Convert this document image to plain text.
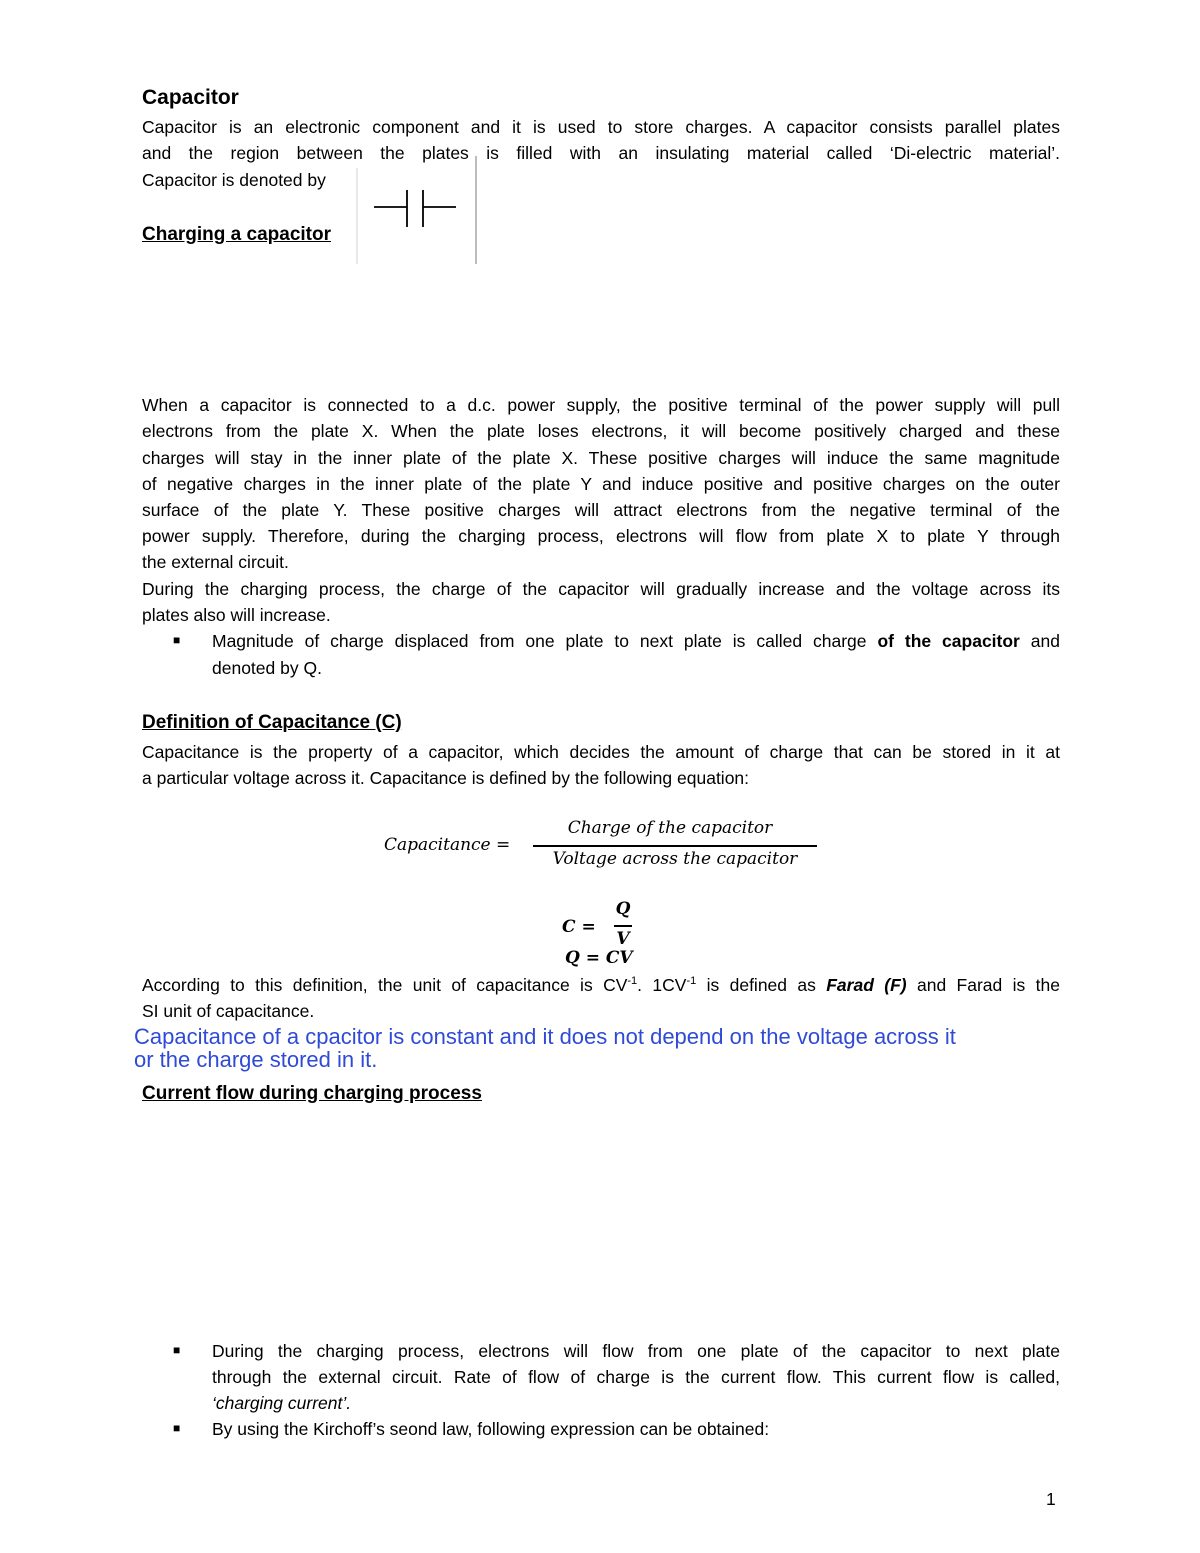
Capacitor
Capacitor is an electronic component and it is used to store charges. A capacitor consists parallel plates
and the region between the plates is filled with an insulating material called ‘Di-electric material’.
Capacitor is denoted by
Charging a capacitor
When a capacitor is connected to a d.c. power supply, the positive terminal of the power supply will pull
electrons from the plate X. When the plate loses electrons, it will become positively charged and these
charges will stay in the inner plate of the plate X. These positive charges will induce the same magnitude
of negative charges in the inner plate of the plate Y and induce positive and positive charges on the outer
surface of the plate Y. These positive charges will attract electrons from the negative terminal of the
power supply. Therefore, during the charging process, electrons will flow from plate X to plate Y through
the external circuit.
During the charging process, the charge of the capacitor will gradually increase and the voltage across its
plates also will increase.
■ Magnitude of charge displaced from one plate to next plate is called charge of the capacitor and
denoted by Q.
Definition of Capacitance (C)
Capacitance is the property of a capacitor, which decides the amount of charge that can be stored in it at
a particular voltage across it. Capacitance is defined by the following equation:
Capacitance =
Charge of the capacitor
Voltage across the capacitor
C =
Q
V
Q = CV
According to this definition, the unit of capacitance is $CV^{-1}$. $1CV^{-1}$ is defined as Farad (F) and Farad is the
SI unit of capacitance.
Capacitance of a cpacitor is constant and it does not depend on the voltage across it
or the charge stored in it.
Current flow during charging process
■ During the charging process, electrons will flow from one plate of the capacitor to next plate
through the external circuit. Rate of flow of charge is the current flow. This current flow is called,
‘charging current’.
■ By using the Kirchoff’s seond law, following expression can be obtained:
1
